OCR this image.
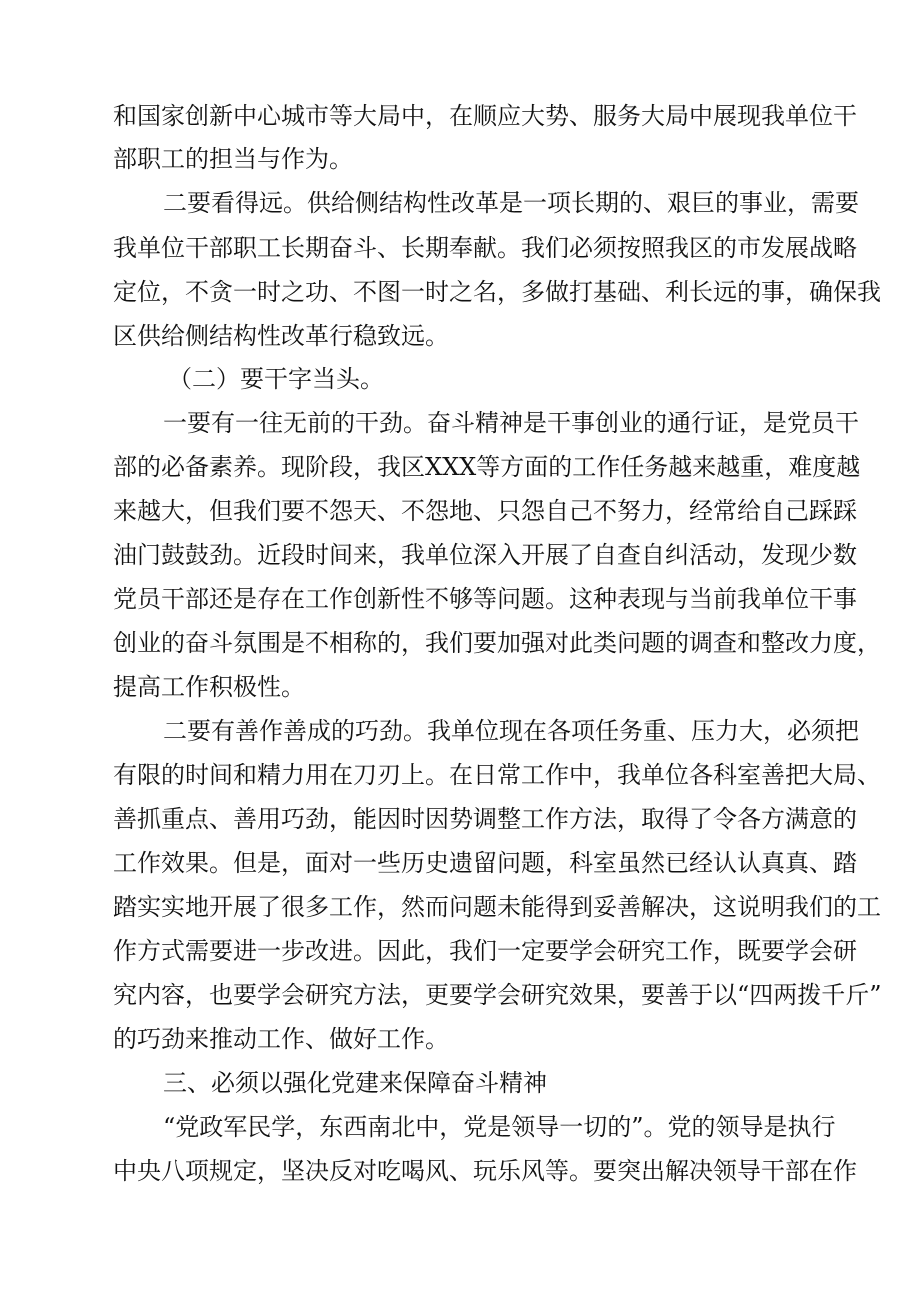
和国家创新中心城市等大局中，在顺应大势、服务大局中展现我单位干
部职工的担当与作为。
二要看得远。供给侧结构性改革是一项长期的、艰巨的事业，需要
我单位干部职工长期奋斗、长期奉献。我们必须按照我区的市发展战略
定位，不贪一时之功、不图一时之名，多做打基础、利长远的事，确保我
区供给侧结构性改革行稳致远。
（二）要干字当头。
一要有一往无前的干劲。奋斗精神是干事创业的通行证，是党员干
部的必备素养。现阶段，我区XXX等方面的工作任务越来越重，难度越
来越大，但我们要不怨天、不怨地、只怨自己不努力，经常给自己踩踩
油门鼓鼓劲。近段时间来，我单位深入开展了自查自纠活动，发现少数
党员干部还是存在工作创新性不够等问题。这种表现与当前我单位干事
创业的奋斗氛围是不相称的，我们要加强对此类问题的调查和整改力度，
提高工作积极性。
二要有善作善成的巧劲。我单位现在各项任务重、压力大，必须把
有限的时间和精力用在刀刃上。在日常工作中，我单位各科室善把大局、
善抓重点、善用巧劲，能因时因势调整工作方法，取得了令各方满意的
工作效果。但是，面对一些历史遗留问题，科室虽然已经认认真真、踏
踏实实地开展了很多工作，然而问题未能得到妥善解决，这说明我们的工
作方式需要进一步改进。因此，我们一定要学会研究工作，既要学会研
究内容，也要学会研究方法，更要学会研究效果，要善于以“四两拨千斤”
的巧劲来推动工作、做好工作。
三、必须以强化党建来保障奋斗精神
“党政军民学，东西南北中，党是领导一切的”。党的领导是执行
中央八项规定，坚决反对吃喝风、玩乐风等。要突出解决领导干部在作
